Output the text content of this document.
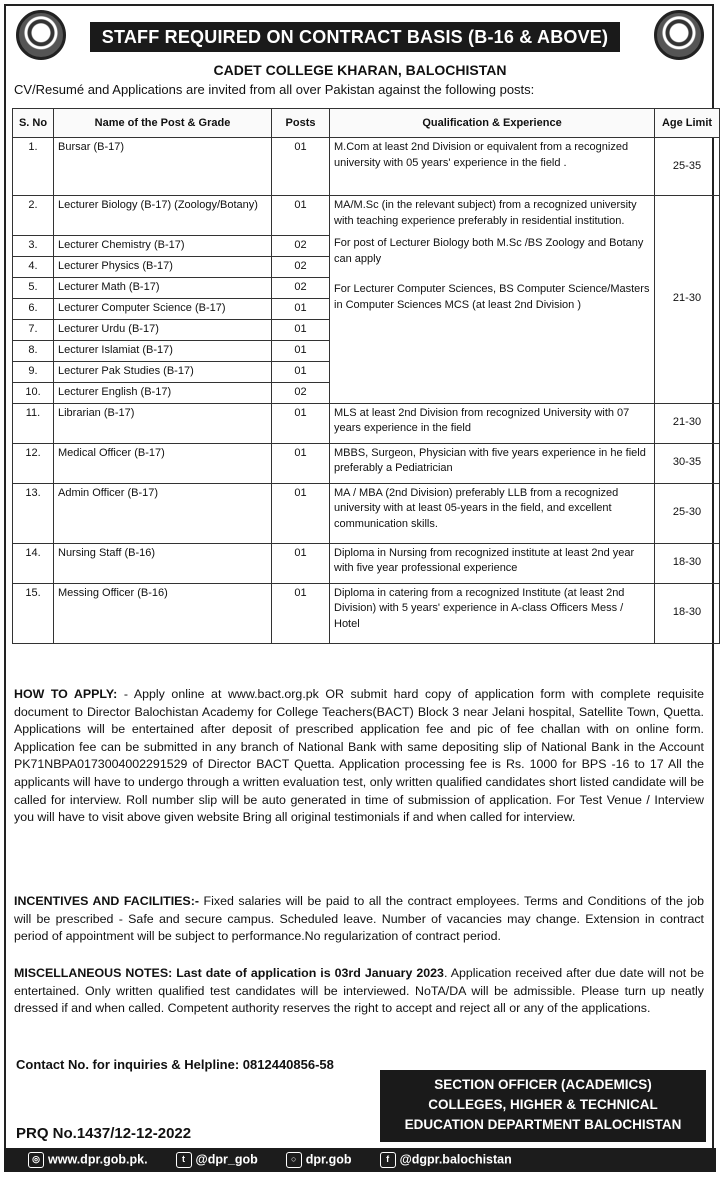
STAFF REQUIRED ON CONTRACT BASIS (B-16 & ABOVE)
CADET COLLEGE KHARAN, BALOCHISTAN
CV/Resumé and Applications are invited from all over Pakistan against the following posts:
S. No	Name of the Post & Grade	Posts	Qualification & Experience	Age Limit
1.	Bursar (B-17)	01	M.Com at least 2nd Division or equivalent from a recognized university with 05 years' experience in the field .	25-35
2.	Lecturer Biology (B-17) (Zoology/Botany)	01	MA/M.Sc (in the relevant subject) from a recognized university with teaching experience preferably in residential institution.

For post of Lecturer Biology both M.Sc /BS Zoology and Botany can apply

For Lecturer Computer Sciences, BS Computer Science/Masters in Computer Sciences MCS (at least 2nd Division )	21-30
3.	Lecturer Chemistry (B-17)	02		
4.	Lecturer Physics (B-17)	02		
5.	Lecturer Math (B-17)	02		
6.	Lecturer Computer Science (B-17)	01		
7.	Lecturer Urdu (B-17)	01		
8.	Lecturer Islamiat (B-17)	01		
9.	Lecturer Pak Studies (B-17)	01		
10.	Lecturer English (B-17)	02		
11.	Librarian (B-17)	01	MLS at least 2nd Division from recognized University with 07 years experience in the field	21-30
12.	Medical Officer (B-17)	01	MBBS, Surgeon, Physician with five years experience in he field preferably a Pediatrician	30-35
13.	Admin Officer (B-17)	01	MA / MBA (2nd Division) preferably LLB from a recognized university with at least 05-years in the field, and excellent communication skills.	25-30
14.	Nursing Staff (B-16)	01	Diploma in Nursing from recognized institute at least 2nd year with five year professional experience	18-30
15.	Messing Officer (B-16)	01	Diploma in catering from a recognized Institute (at least 2nd Division) with 5 years' experience in A-class Officers Mess / Hotel	18-30
HOW TO APPLY: - Apply online at www.bact.org.pk OR submit hard copy of application form with complete requisite document to Director Balochistan Academy for College Teachers(BACT) Block 3 near Jelani hospital, Satellite Town, Quetta. Applications will be entertained after deposit of prescribed application fee and pic of fee challan with on online form. Application fee can be submitted in any branch of National Bank with same depositing slip of National Bank in the Account PK71NBPA0173004002291529 of Director BACT Quetta. Application processing fee is Rs. 1000 for BPS -16 to 17 All the applicants will have to undergo through a written evaluation test, only written qualified candidates short listed candidate will be called for interview. Roll number slip will be auto generated in time of submission of application. For Test Venue / Interview you will have to visit above given website Bring all original testimonials if and when called for interview.
INCENTIVES AND FACILITIES:- Fixed salaries will be paid to all the contract employees. Terms and Conditions of the job will be prescribed - Safe and secure campus. Scheduled leave. Number of vacancies may change. Extension in contract period of appointment will be subject to performance.No regularization of contract period.
MISCELLANEOUS NOTES: Last date of application is 03rd January 2023. Application received after due date will not be entertained. Only written qualified test candidates will be interviewed. NoTA/DA will be admissible. Please turn up neatly dressed if and when called. Competent authority reserves the right to accept and reject all or any of the applications.
Contact No. for inquiries & Helpline: 0812440856-58
SECTION OFFICER (ACADEMICS)
COLLEGES, HIGHER & TECHNICAL
EDUCATION DEPARTMENT BALOCHISTAN
PRQ No.1437/12-12-2022
◎ www.dpr.gob.pk.	t @dpr_gob	○ dpr.gob	f @dgpr.balochistan
